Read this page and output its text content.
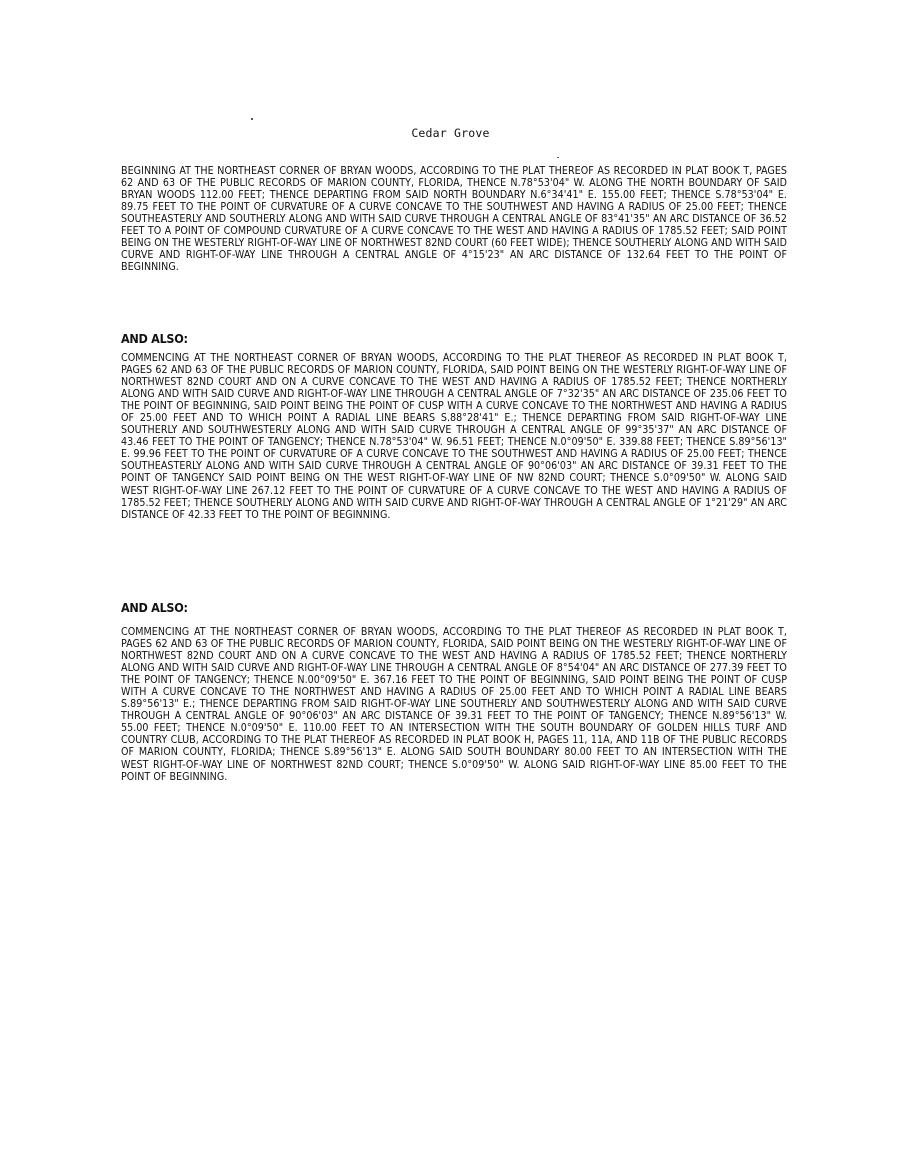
Cedar Grove

BEGINNING AT THE NORTHEAST CORNER OF BRYAN WOODS, ACCORDING TO THE PLAT THEREOF AS RECORDED IN PLAT BOOK T, PAGES 62 AND 63 OF THE PUBLIC RECORDS OF MARION COUNTY, FLORIDA, THENCE N.78°53'04" W. ALONG THE NORTH BOUNDARY OF SAID BRYAN WOODS 112.00 FEET; THENCE DEPARTING FROM SAID NORTH BOUNDARY N.6°34'41" E. 155.00 FEET; THENCE S.78°53'04" E. 89.75 FEET TO THE POINT OF CURVATURE OF A CURVE CONCAVE TO THE SOUTHWEST AND HAVING A RADIUS OF 25.00 FEET; THENCE SOUTHEASTERLY AND SOUTHERLY ALONG AND WITH SAID CURVE THROUGH A CENTRAL ANGLE OF 83°41'35" AN ARC DISTANCE OF 36.52 FEET TO A POINT OF COMPOUND CURVATURE OF A CURVE CONCAVE TO THE WEST AND HAVING A RADIUS OF 1785.52 FEET; SAID POINT BEING ON THE WESTERLY RIGHT-OF-WAY LINE OF NORTHWEST 82ND COURT (60 FEET WIDE); THENCE SOUTHERLY ALONG AND WITH SAID CURVE AND RIGHT-OF-WAY LINE THROUGH A CENTRAL ANGLE OF 4°15'23" AN ARC DISTANCE OF 132.64 FEET TO THE POINT OF BEGINNING.

AND ALSO:

COMMENCING AT THE NORTHEAST CORNER OF BRYAN WOODS, ACCORDING TO THE PLAT THEREOF AS RECORDED IN PLAT BOOK T, PAGES 62 AND 63 OF THE PUBLIC RECORDS OF MARION COUNTY, FLORIDA, SAID POINT BEING ON THE WESTERLY RIGHT-OF-WAY LINE OF NORTHWEST 82ND COURT AND ON A CURVE CONCAVE TO THE WEST AND HAVING A RADIUS OF 1785.52 FEET; THENCE NORTHERLY ALONG AND WITH SAID CURVE AND RIGHT-OF-WAY LINE THROUGH A CENTRAL ANGLE OF 7°32'35" AN ARC DISTANCE OF 235.06 FEET TO THE POINT OF BEGINNING, SAID POINT BEING THE POINT OF CUSP WITH A CURVE CONCAVE TO THE NORTHWEST AND HAVING A RADIUS OF 25.00 FEET AND TO WHICH POINT A RADIAL LINE BEARS S.88°28'41" E.; THENCE DEPARTING FROM SAID RIGHT-OF-WAY LINE SOUTHERLY AND SOUTHWESTERLY ALONG AND WITH SAID CURVE THROUGH A CENTRAL ANGLE OF 99°35'37" AN ARC DISTANCE OF 43.46 FEET TO THE POINT OF TANGENCY; THENCE N.78°53'04" W. 96.51 FEET; THENCE N.0°09'50" E. 339.88 FEET; THENCE S.89°56'13" E. 99.96 FEET TO THE POINT OF CURVATURE OF A CURVE CONCAVE TO THE SOUTHWEST AND HAVING A RADIUS OF 25.00 FEET; THENCE SOUTHEASTERLY ALONG AND WITH SAID CURVE THROUGH A CENTRAL ANGLE OF 90°06'03" AN ARC DISTANCE OF 39.31 FEET TO THE POINT OF TANGENCY SAID POINT BEING ON THE WEST RIGHT-OF-WAY LINE OF NW 82ND COURT; THENCE S.0°09'50" W. ALONG SAID WEST RIGHT-OF-WAY LINE 267.12 FEET TO THE POINT OF CURVATURE OF A CURVE CONCAVE TO THE WEST AND HAVING A RADIUS OF 1785.52 FEET; THENCE SOUTHERLY ALONG AND WITH SAID CURVE AND RIGHT-OF-WAY THROUGH A CENTRAL ANGLE OF 1°21'29" AN ARC DISTANCE OF 42.33 FEET TO THE POINT OF BEGINNING.

AND ALSO:

COMMENCING AT THE NORTHEAST CORNER OF BRYAN WOODS, ACCORDING TO THE PLAT THEREOF AS RECORDED IN PLAT BOOK T, PAGES 62 AND 63 OF THE PUBLIC RECORDS OF MARION COUNTY, FLORIDA, SAID POINT BEING ON THE WESTERLY RIGHT-OF-WAY LINE OF NORTHWEST 82ND COURT AND ON A CURVE CONCAVE TO THE WEST AND HAVING A RADIUS OF 1785.52 FEET; THENCE NORTHERLY ALONG AND WITH SAID CURVE AND RIGHT-OF-WAY LINE THROUGH A CENTRAL ANGLE OF 8°54'04" AN ARC DISTANCE OF 277.39 FEET TO THE POINT OF TANGENCY; THENCE N.00°09'50" E. 367.16 FEET TO THE POINT OF BEGINNING, SAID POINT BEING THE POINT OF CUSP WITH A CURVE CONCAVE TO THE NORTHWEST AND HAVING A RADIUS OF 25.00 FEET AND TO WHICH POINT A RADIAL LINE BEARS S.89°56'13" E.; THENCE DEPARTING FROM SAID RIGHT-OF-WAY LINE SOUTHERLY AND SOUTHWESTERLY ALONG AND WITH SAID CURVE THROUGH A CENTRAL ANGLE OF 90°06'03" AN ARC DISTANCE OF 39.31 FEET TO THE POINT OF TANGENCY; THENCE N.89°56'13" W. 55.00 FEET; THENCE N.0°09'50" E. 110.00 FEET TO AN INTERSECTION WITH THE SOUTH BOUNDARY OF GOLDEN HILLS TURF AND COUNTRY CLUB, ACCORDING TO THE PLAT THEREOF AS RECORDED IN PLAT BOOK H, PAGES 11, 11A, AND 11B OF THE PUBLIC RECORDS OF MARION COUNTY, FLORIDA; THENCE S.89°56'13" E. ALONG SAID SOUTH BOUNDARY 80.00 FEET TO AN INTERSECTION WITH THE WEST RIGHT-OF-WAY LINE OF NORTHWEST 82ND COURT; THENCE S.0°09'50" W. ALONG SAID RIGHT-OF-WAY LINE 85.00 FEET TO THE POINT OF BEGINNING.
